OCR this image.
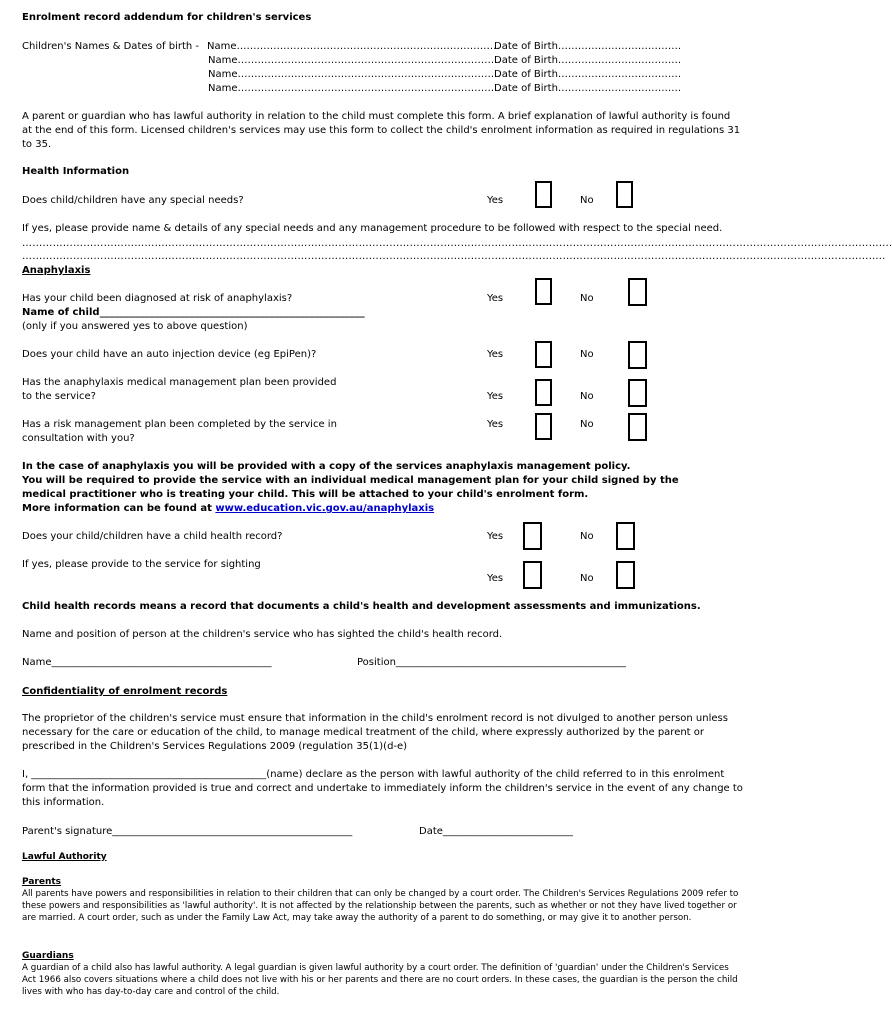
Enrolment record addendum for children's services
Children's Names & Dates of birth - Name…………………………………………………………………….
Date of Birth……………………………….
Name…………………………………………………………………….
Date of Birth……………………………….
Name…………………………………………………………………….
Date of Birth……………………………….
Name…………………………………………………………………….
Date of Birth……………………………….
A parent or guardian who has lawful authority in relation to the child must complete this form. A brief explanation of lawful authority is found at the end of this form. Licensed children's services may use this form to collect the child's enrolment information as required in regulations 31 to 35.
Health Information
Does child/children have any special needs?	Yes	No
If yes, please provide name & details of any special needs and any management procedure to be followed with respect to the special need.
………………………………………………………………………………………………………………………………………………………………………………………………………………………………….
………………………………………………………………………………………………………………………………………………………………………………………………………………………………..
Anaphylaxis
Has your child been diagnosed at risk of anaphylaxis?	Yes	No
Name of child_____________________________________________________
(only if you answered yes to above question)
Does your child have an auto injection device (eg EpiPen)?	Yes	No
Has the anaphylaxis medical management plan been provided
to the service?	Yes	No
Has a risk management plan been completed by the service in
consultation with you?
Yes	No
In the case of anaphylaxis you will be provided with a copy of the services anaphylaxis management policy.
You will be required to provide the service with an individual medical management plan for your child signed by the
medical practitioner who is treating your child. This will be attached to your child's enrolment form.
More information can be found at www.education.vic.gov.au/anaphylaxis
Does your child/children have a child health record?	Yes	No
If yes, please provide to the service for sighting
Yes	No
Child health records means a record that documents a child's health and development assessments and immunizations.
Name and position of person at the children's service who has sighted the child's health record.
Name____________________________________________	Position______________________________________________
Confidentiality of enrolment records
The proprietor of the children's service must ensure that information in the child's enrolment record is not divulged to another person unless necessary for the care or education of the child, to manage medical treatment of the child, where expressly authorized by the parent or prescribed in the Children's Services Regulations 2009 (regulation 35(1)(d-e)
I, _______________________________________________(name) declare as the person with lawful authority of the child referred to in this enrolment form that the information provided is true and correct and undertake to immediately inform the children's service in the event of any change to this information.
Parent's signature________________________________________________	Date__________________________
Lawful Authority
Parents
All parents have powers and responsibilities in relation to their children that can only be changed by a court order. The Children's Services Regulations 2009 refer to these powers and responsibilities as 'lawful authority'. It is not affected by the relationship between the parents, such as whether or not they have lived together or are married. A court order, such as under the Family Law Act, may take away the authority of a parent to do something, or may give it to another person.
Guardians
A guardian of a child also has lawful authority. A legal guardian is given lawful authority by a court order. The definition of 'guardian' under the Children's Services Act 1966 also covers situations where a child does not live with his or her parents and there are no court orders. In these cases, the guardian is the person the child lives with who has day-to-day care and control of the child.
